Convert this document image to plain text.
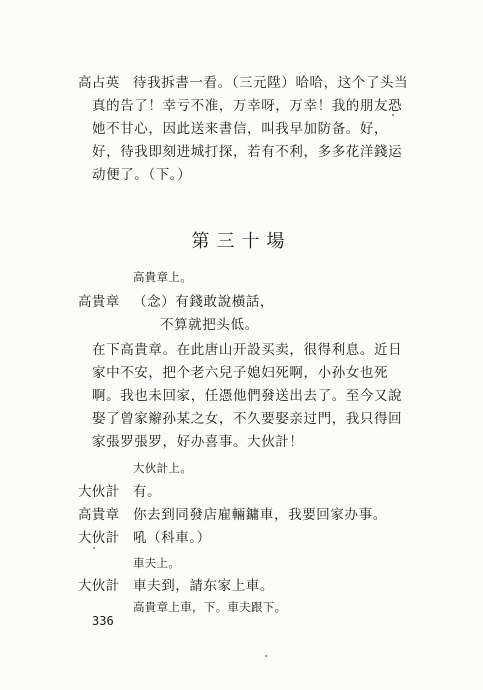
高占英 待我拆書一看。（三元陞）哈哈，这个了头当
真的告了！幸亏不准，万幸呀，万幸！我的朋友恐
她不甘心，因此送来書信，叫我早加防备。好，
好，待我即刻进城打探，若有不利，多多花洋錢运
动便了。（下。）
第三十場
高貴章上。
高貴章 （念）有錢敢說橫話，
不算就把头低。
在下高貴章。在此唐山开設买卖，很得利息。近日
家中不安，把个老六兒子媳妇死啊，小孙女也死
啊。我也未回家，任憑他們發送出去了。至今又說
娶了曾家辮孙某之女，不久要娶亲过門，我只得回
家張罗張罗，好办喜事。大伙計！
大伙計上。
大伙計 有。
高貴章 你去到同發店雇輛鏞車，我要回家办事。
大伙計 吼（科車。）
車夫上。
大伙計 車夫到，請东家上車。
高貴章上車，下。車夫跟下。
336
